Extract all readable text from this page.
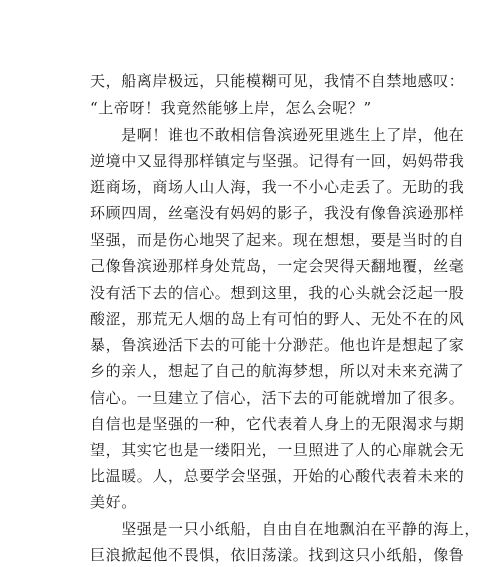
天，船离岸极远，只能模糊可见，我情不自禁地感叹：
“上帝呀！我竟然能够上岸，怎么会呢？”
　　是啊！谁也不敢相信鲁滨逊死里逃生上了岸，他在
逆境中又显得那样镇定与坚强。记得有一回，妈妈带我
逛商场，商场人山人海，我一不小心走丢了。无助的我
环顾四周，丝毫没有妈妈的影子，我没有像鲁滨逊那样
坚强，而是伤心地哭了起来。现在想想，要是当时的自
己像鲁滨逊那样身处荒岛，一定会哭得天翻地覆，丝毫
没有活下去的信心。想到这里，我的心头就会泛起一股
酸涩，那荒无人烟的岛上有可怕的野人、无处不在的风
暴，鲁滨逊活下去的可能十分渺茫。他也许是想起了家
乡的亲人，想起了自己的航海梦想，所以对未来充满了
信心。一旦建立了信心，活下去的可能就增加了很多。
自信也是坚强的一种，它代表着人身上的无限渴求与期
望，其实它也是一缕阳光，一旦照进了人的心扉就会无
比温暖。人，总要学会坚强，开始的心酸代表着未来的
美好。
　　坚强是一只小纸船，自由自在地飘泊在平静的海上，
巨浪掀起他不畏惧，依旧荡漾。找到这只小纸船，像鲁
